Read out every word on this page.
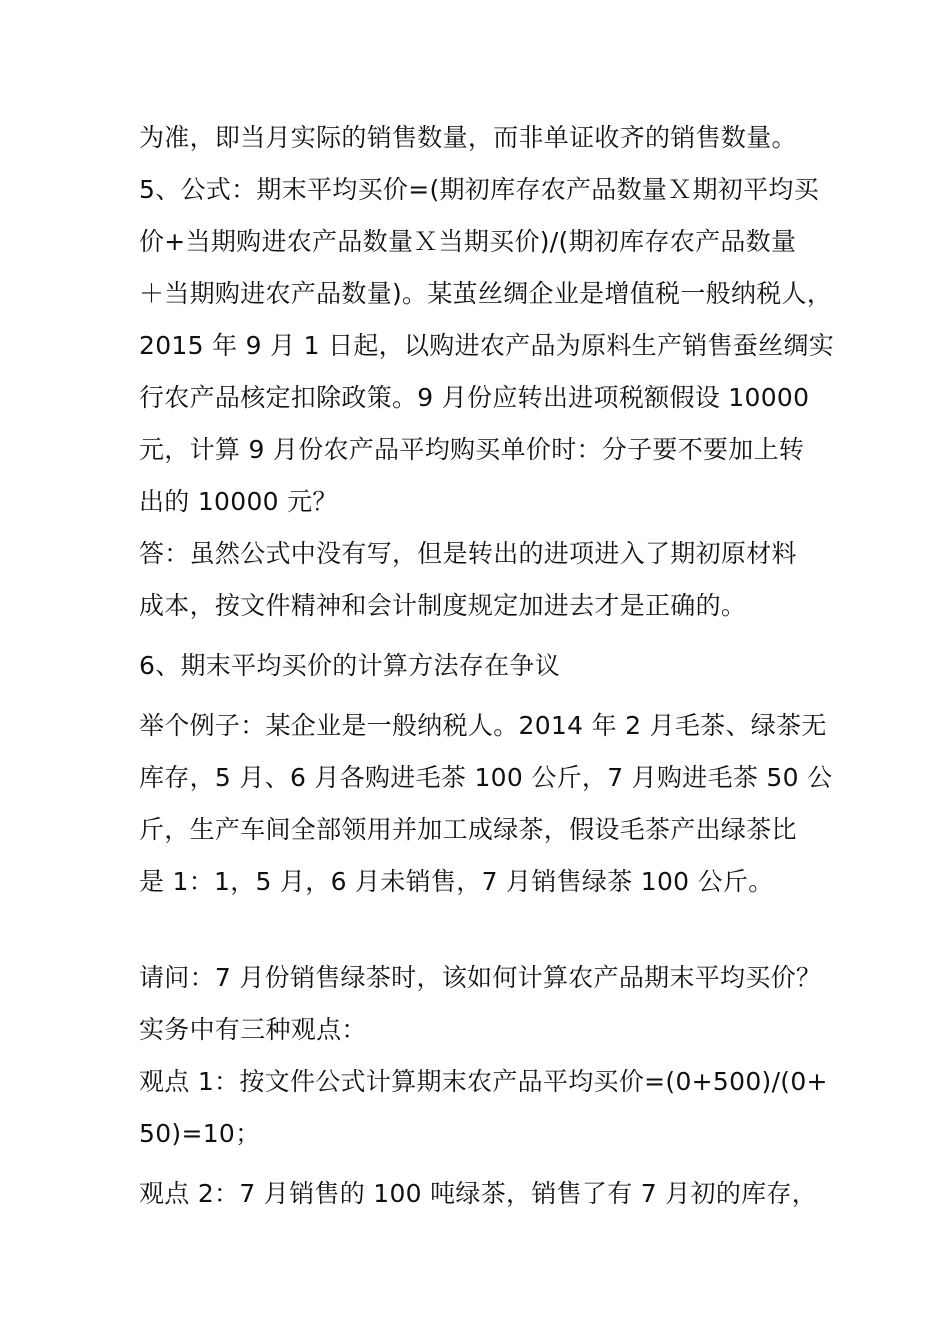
为准，即当月实际的销售数量，而非单证收齐的销售数量。
5、公式：期末平均买价=(期初库存农产品数量Ｘ期初平均买
价+当期购进农产品数量Ｘ当期买价)/(期初库存农产品数量
＋当期购进农产品数量)。某茧丝绸企业是增值税一般纳税人，
2015 年 9 月 1 日起，以购进农产品为原料生产销售蚕丝绸实
行农产品核定扣除政策。9 月份应转出进项税额假设 10000
元，计算 9 月份农产品平均购买单价时：分子要不要加上转
出的 10000 元？
答：虽然公式中没有写，但是转出的进项进入了期初原材料
成本，按文件精神和会计制度规定加进去才是正确的。
6、期末平均买价的计算方法存在争议
举个例子：某企业是一般纳税人。2014 年 2 月毛茶、绿茶无
库存，5 月、6 月各购进毛茶 100 公斤，7 月购进毛茶 50 公
斤，生产车间全部领用并加工成绿茶，假设毛茶产出绿茶比
是 1：1，5 月，6 月未销售，7 月销售绿茶 100 公斤。
请问：7 月份销售绿茶时，该如何计算农产品期末平均买价？
实务中有三种观点：
观点 1：按文件公式计算期末农产品平均买价=(0+500)/(0+
50)=10；
观点 2：7 月销售的 100 吨绿茶，销售了有 7 月初的库存，
